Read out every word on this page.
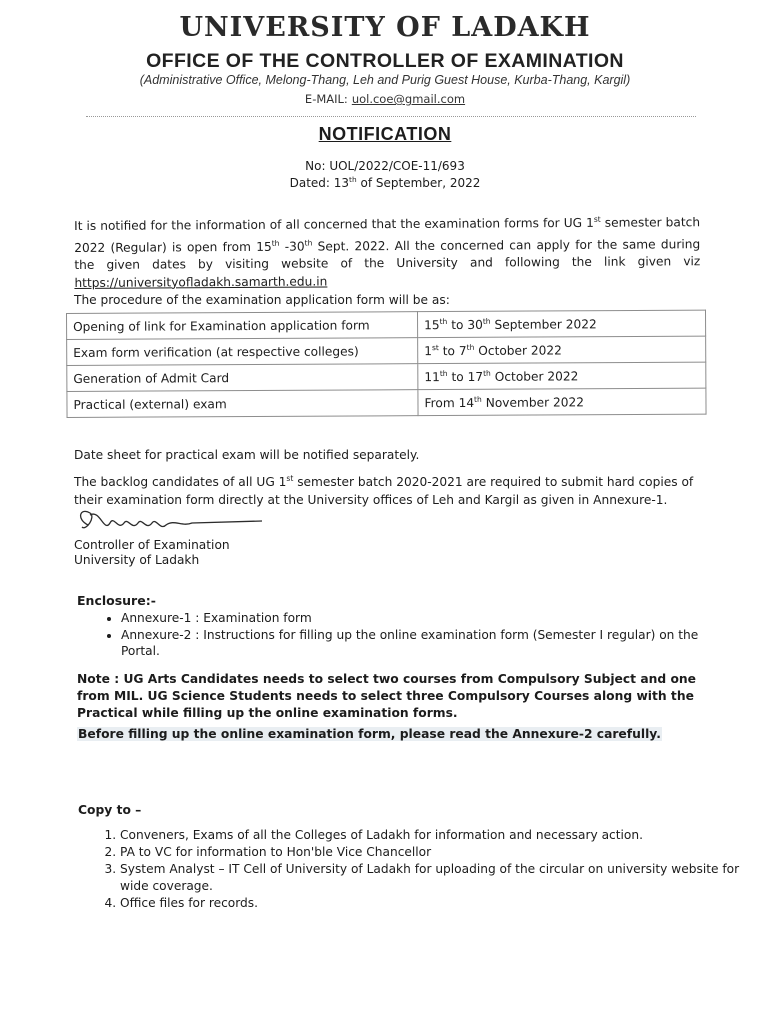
UNIVERSITY OF LADAKH
OFFICE OF THE CONTROLLER OF EXAMINATION
(Administrative Office, Melong-Thang, Leh and Purig Guest House, Kurba-Thang, Kargil)
E-MAIL: uol.coe@gmail.com
NOTIFICATION
No: UOL/2022/COE-11/693
Dated: 13th of September, 2022
It is notified for the information of all concerned that the examination forms for UG 1st semester batch 2022 (Regular) is open from 15th -30th Sept. 2022. All the concerned can apply for the same during the given dates by visiting website of the University and following the link given viz https://universityofladakh.samarth.edu.in
The procedure of the examination application form will be as:
Opening of link for Examination application form	15th to 30th September 2022
Exam form verification (at respective colleges)	1st to 7th October 2022
Generation of Admit Card	11th to 17th October 2022
Practical (external) exam	From 14th November 2022
Date sheet for practical exam will be notified separately.
The backlog candidates of all UG 1st semester batch 2020-2021 are required to submit hard copies of their examination form directly at the University offices of Leh and Kargil as given in Annexure-1.
Controller of Examination
University of Ladakh
Enclosure:-
• Annexure-1 : Examination form
• Annexure-2 : Instructions for filling up the online examination form (Semester I regular) on the Portal.
Note : UG Arts Candidates needs to select two courses from Compulsory Subject and one from MIL. UG Science Students needs to select three Compulsory Courses along with the Practical while filling up the online examination forms.
Before filling up the online examination form, please read the Annexure-2 carefully.
Copy to –
1. Conveners, Exams of all the Colleges of Ladakh for information and necessary action.
2. PA to VC for information to Hon'ble Vice Chancellor
3. System Analyst – IT Cell of University of Ladakh for uploading of the circular on university website for wide coverage.
4. Office files for records.
